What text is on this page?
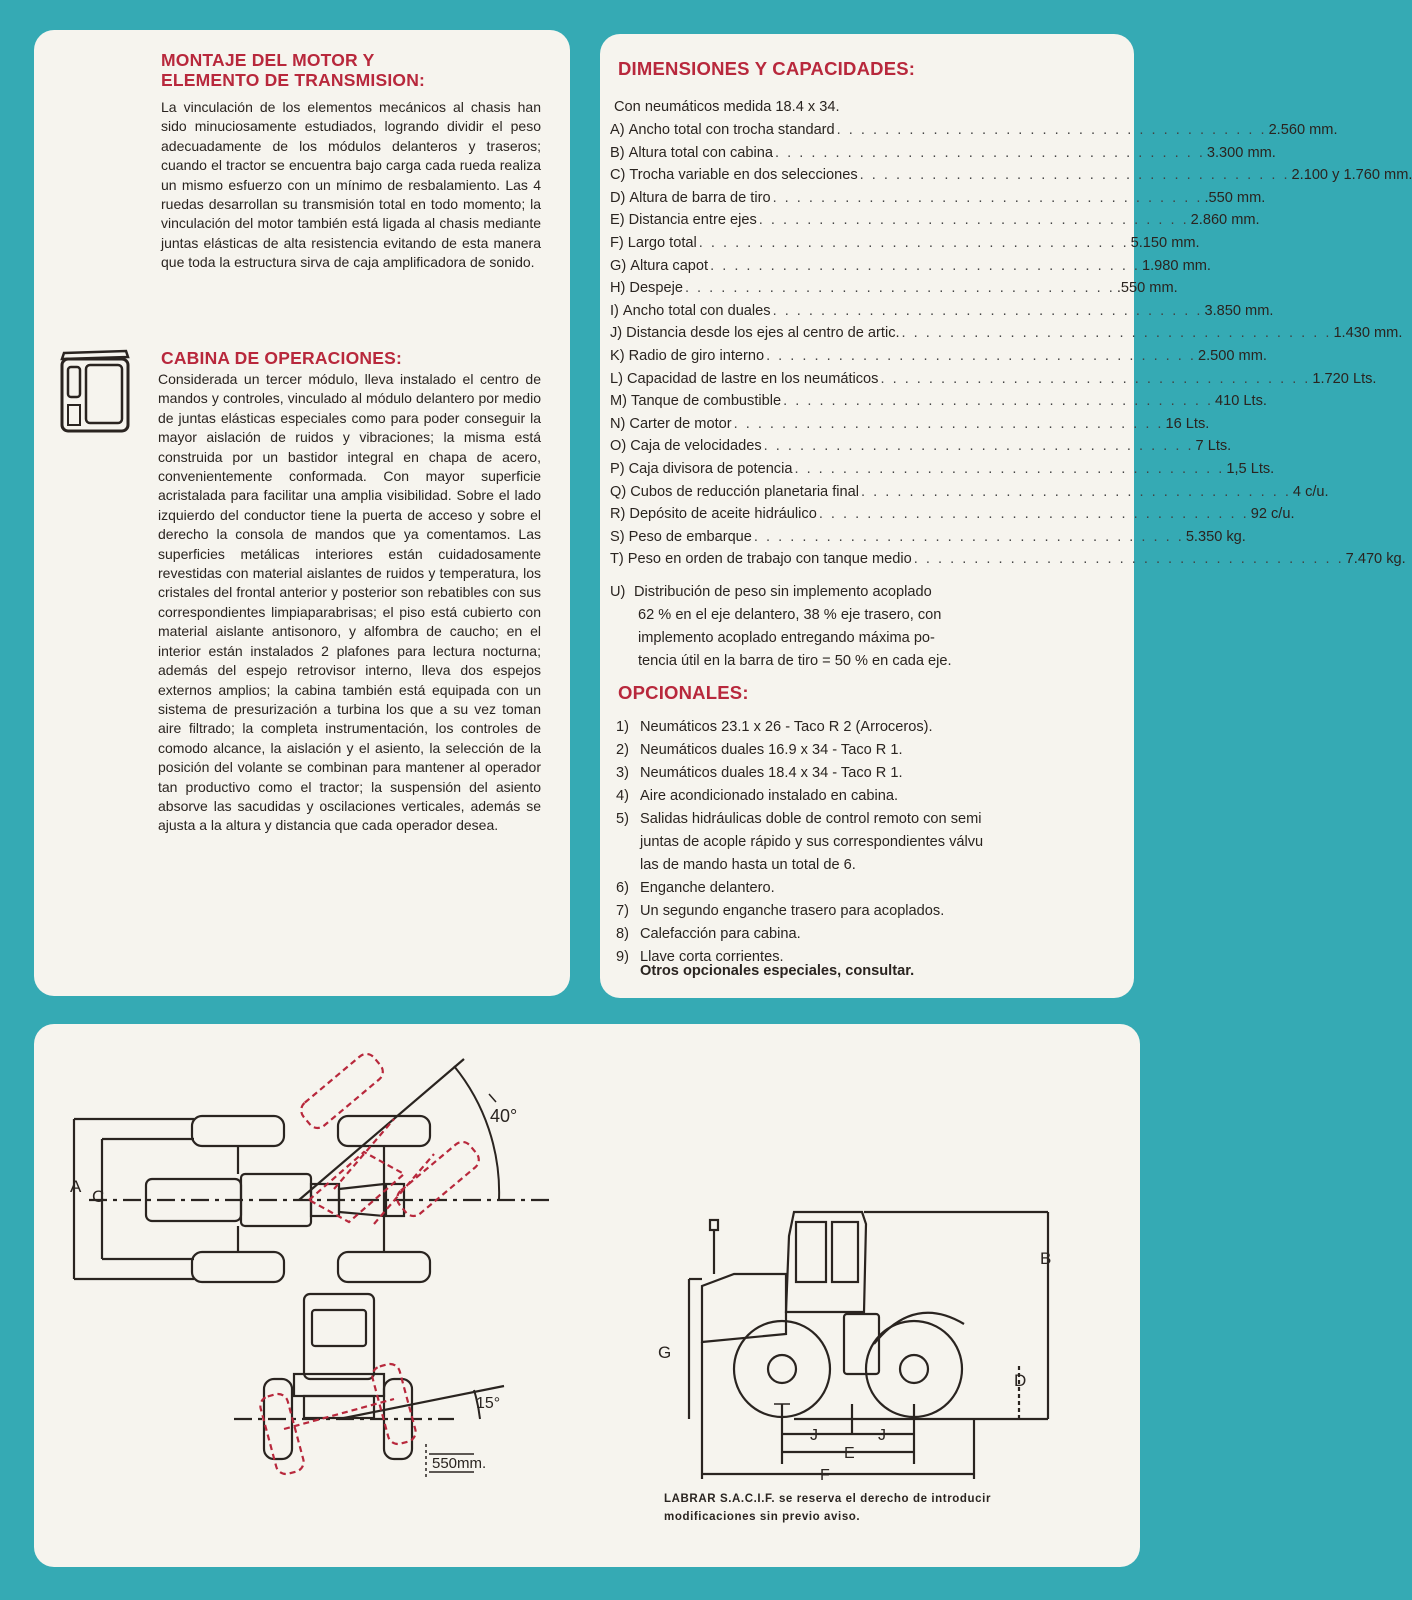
MONTAJE DEL MOTOR Y
ELEMENTO DE TRANSMISION:

La vinculación de los elementos mecánicos al chasis han sido minuciosamente estudiados, logrando dividir el peso adecuadamente de los módulos delanteros y traseros; cuando el tractor se encuentra bajo carga cada rueda realiza un mismo esfuerzo con un mínimo de resbalamiento. Las 4 ruedas desarrollan su transmisión total en todo momento; la vinculación del motor también está ligada al chasis mediante juntas elásticas de alta resistencia evitando de esta manera que toda la estructura sirva de caja amplificadora de sonido.

CABINA DE OPERACIONES:

Considerada un tercer módulo, lleva instalado el centro de mandos y controles, vinculado al módulo delantero por medio de juntas elásticas especiales como para poder conseguir la mayor aislación de ruidos y vibraciones; la misma está construida por un bastidor integral en chapa de acero, convenientemente conformada. Con mayor superficie acristalada para facilitar una amplia visibilidad. Sobre el lado izquierdo del conductor tiene la puerta de acceso y sobre el derecho la consola de mandos que ya comentamos. Las superficies metálicas interiores están cuidadosamente revestidas con material aislantes de ruidos y temperatura, los cristales del frontal anterior y posterior son rebatibles con sus correspondientes limpiaparabrisas; el piso está cubierto con material aislante antisonoro, y alfombra de caucho; en el interior están instalados 2 plafones para lectura nocturna; además del espejo retrovisor interno, lleva dos espejos externos amplios; la cabina también está equipada con un sistema de presurización a turbina los que a su vez toman aire filtrado; la completa instrumentación, los controles de comodo alcance, la aislación y el asiento, la selección de la posición del volante se combinan para mantener al operador tan productivo como el tractor; la suspensión del asiento absorve las sacudidas y oscilaciones verticales, además se ajusta a la altura y distancia que cada operador desea.

DIMENSIONES Y CAPACIDADES:
Con neumáticos medida 18.4 x 34.
A) Ancho total con trocha standard . . . . . . . . . . . . . . . . . . . . . . . . . . . . . . . . . . . . 2.560 mm.
B) Altura total con cabina . . . . . . . . . . . . . . . . . . . . . . . . . . . . . . . . . . . . 3.300 mm.
C) Trocha variable en dos selecciones . . . . . . . . . . . . . . . . . . . . . . . . . . . . . . . . . . . . 2.100 y 1.760 mm.
D) Altura de barra de tiro . . . . . . . . . . . . . . . . . . . . . . . . . . . . . . . . . . . . .550 mm.
E) Distancia entre ejes . . . . . . . . . . . . . . . . . . . . . . . . . . . . . . . . . . . . 2.860 mm.
F) Largo total . . . . . . . . . . . . . . . . . . . . . . . . . . . . . . . . . . . . 5.150 mm.
G) Altura capot . . . . . . . . . . . . . . . . . . . . . . . . . . . . . . . . . . . . 1.980 mm.
H) Despeje . . . . . . . . . . . . . . . . . . . . . . . . . . . . . . . . . . . . .550 mm.
I) Ancho total con duales . . . . . . . . . . . . . . . . . . . . . . . . . . . . . . . . . . . . 3.850 mm.
J) Distancia desde los ejes al centro de artic. . . . . . . . . . . . . . . . . . . . . . . . . . . . . . . . . . . . . 1.430 mm.
K) Radio de giro interno . . . . . . . . . . . . . . . . . . . . . . . . . . . . . . . . . . . . 2.500 mm.
L) Capacidad de lastre en los neumáticos . . . . . . . . . . . . . . . . . . . . . . . . . . . . . . . . . . . . 1.720 Lts.
M) Tanque de combustible . . . . . . . . . . . . . . . . . . . . . . . . . . . . . . . . . . . . 410 Lts.
N) Carter de motor . . . . . . . . . . . . . . . . . . . . . . . . . . . . . . . . . . . . 16 Lts.
O) Caja de velocidades . . . . . . . . . . . . . . . . . . . . . . . . . . . . . . . . . . . . 7 Lts.
P) Caja divisora de potencia . . . . . . . . . . . . . . . . . . . . . . . . . . . . . . . . . . . . 1,5 Lts.
Q) Cubos de reducción planetaria final . . . . . . . . . . . . . . . . . . . . . . . . . . . . . . . . . . . . 4 c/u.
R) Depósito de aceite hidráulico . . . . . . . . . . . . . . . . . . . . . . . . . . . . . . . . . . . . 92 c/u.
S) Peso de embarque . . . . . . . . . . . . . . . . . . . . . . . . . . . . . . . . . . . . 5.350 kg.
T) Peso en orden de trabajo con tanque medio . . . . . . . . . . . . . . . . . . . . . . . . . . . . . . . . . . . . 7.470 kg.
U) Distribución de peso sin implemento acoplado
62 % en el eje delantero, 38 % eje trasero, con
implemento acoplado entregando máxima po-
tencia útil en la barra de tiro = 50 % en cada eje.
OPCIONALES:
1) Neumáticos 23.1 x 26 - Taco R 2 (Arroceros).
2) Neumáticos duales 16.9 x 34 - Taco R 1.
3) Neumáticos duales 18.4 x 34 - Taco R 1.
4) Aire acondicionado instalado en cabina.
5) Salidas hidráulicas doble de control remoto con semi
juntas de acople rápido y sus correspondientes válvu
las de mando hasta un total de 6.
6) Enganche delantero.
7) Un segundo enganche trasero para acoplados.
8) Calefacción para cabina.
9) Llave corta corrientes.
Otros opcionales especiales, consultar.
A
C
40°
15°
550mm.
B
G
D
J	J
E
F
LABRAR S.A.C.I.F. se reserva el derecho de introducir
modificaciones sin previo aviso.
